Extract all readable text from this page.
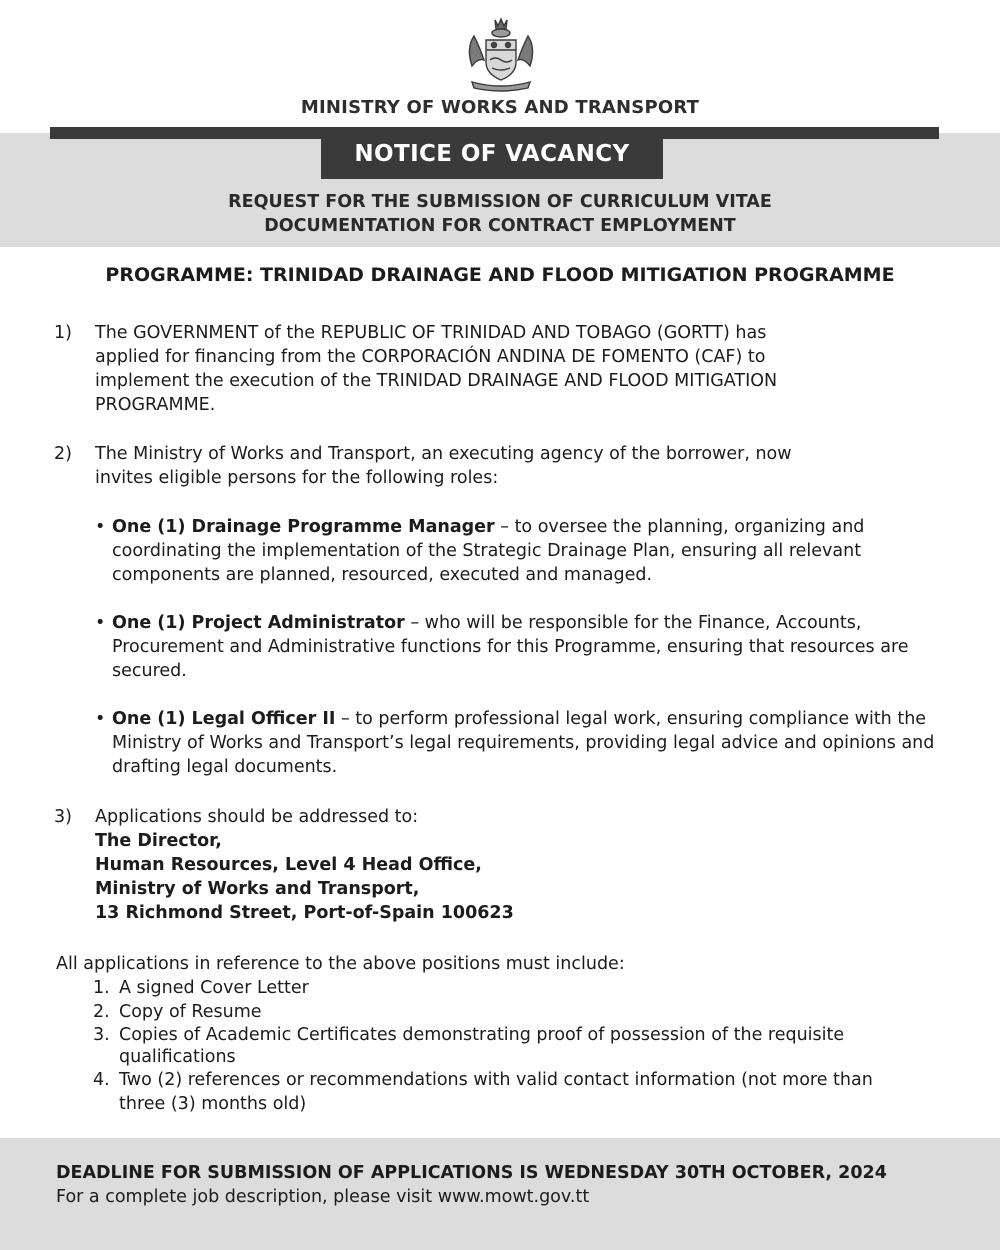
MINISTRY OF WORKS AND TRANSPORT
NOTICE OF VACANCY
REQUEST FOR THE SUBMISSION OF CURRICULUM VITAE
DOCUMENTATION FOR CONTRACT EMPLOYMENT
PROGRAMME: TRINIDAD DRAINAGE AND FLOOD MITIGATION PROGRAMME
1) The GOVERNMENT of the REPUBLIC OF TRINIDAD AND TOBAGO (GORTT) has
applied for financing from the CORPORACIÓN ANDINA DE FOMENTO (CAF) to
implement the execution of the TRINIDAD DRAINAGE AND FLOOD MITIGATION
PROGRAMME.
2) The Ministry of Works and Transport, an executing agency of the borrower, now
invites eligible persons for the following roles:
• One (1) Drainage Programme Manager – to oversee the planning, organizing and coordinating the implementation of the Strategic Drainage Plan, ensuring all relevant components are planned, resourced, executed and managed.
• One (1) Project Administrator – who will be responsible for the Finance, Accounts, Procurement and Administrative functions for this Programme, ensuring that resources are secured.
• One (1) Legal Officer II – to perform professional legal work, ensuring compliance with the Ministry of Works and Transport’s legal requirements, providing legal advice and opinions and drafting legal documents.
3) Applications should be addressed to:
The Director,
Human Resources, Level 4 Head Office,
Ministry of Works and Transport,
13 Richmond Street, Port-of-Spain 100623
All applications in reference to the above positions must include:
1. A signed Cover Letter
2. Copy of Resume
3. Copies of Academic Certificates demonstrating proof of possession of the requisite qualifications
4. Two (2) references or recommendations with valid contact information (not more than three (3) months old)
DEADLINE FOR SUBMISSION OF APPLICATIONS IS WEDNESDAY 30TH OCTOBER, 2024
For a complete job description, please visit www.mowt.gov.tt
